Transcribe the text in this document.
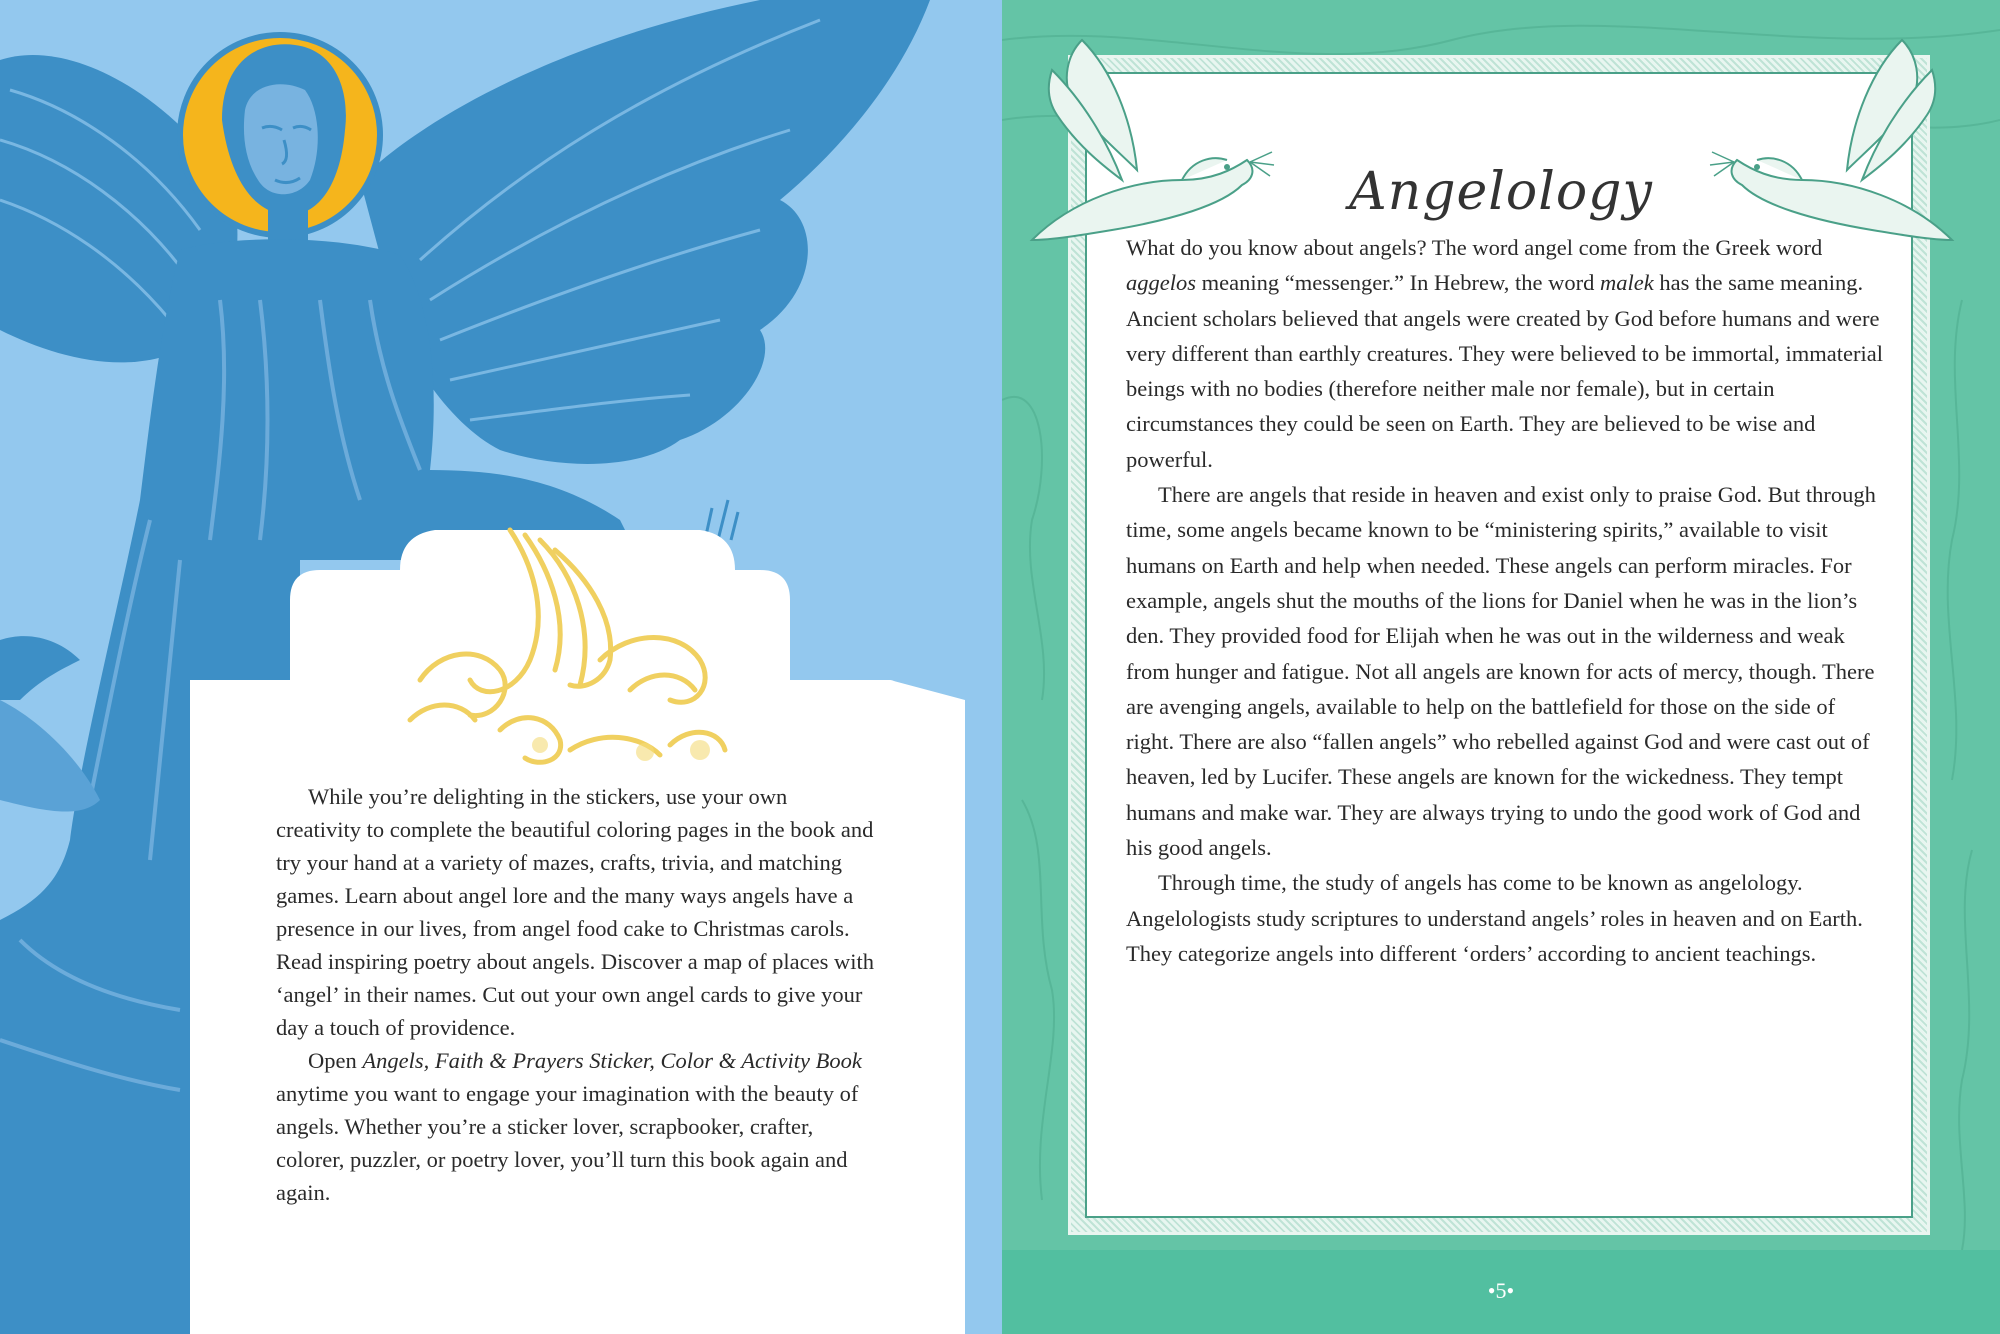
While you’re delighting in the stickers, use your own creativity to complete the beautiful coloring pages in the book and try your hand at a variety of mazes, crafts, trivia, and matching games. Learn about angel lore and the many ways angels have a presence in our lives, from angel food cake to Christmas carols. Read inspiring poetry about angels. Discover a map of places with ‘angel’ in their names. Cut out your own angel cards to give your day a touch of providence.

Open Angels, Faith & Prayers Sticker, Color & Activity Book anytime you want to engage your imagination with the beauty of angels. Whether you’re a sticker lover, scrapbooker, crafter, colorer, puzzler, or poetry lover, you’ll turn this book again and again.

Angelology

What do you know about angels? The word angel come from the Greek word aggelos meaning “messenger.” In Hebrew, the word malek has the same meaning. Ancient scholars believed that angels were created by God before humans and were very different than earthly creatures. They were believed to be immortal, immaterial beings with no bodies (therefore neither male nor female), but in certain circumstances they could be seen on Earth. They are believed to be wise and powerful.

There are angels that reside in heaven and exist only to praise God. But through time, some angels became known to be “ministering spirits,” available to visit humans on Earth and help when needed. These angels can perform miracles. For example, angels shut the mouths of the lions for Daniel when he was in the lion’s den. They provided food for Elijah when he was out in the wilderness and weak from hunger and fatigue. Not all angels are known for acts of mercy, though. There are avenging angels, available to help on the battlefield for those on the side of right. There are also “fallen angels” who rebelled against God and were cast out of heaven, led by Lucifer. These angels are known for the wickedness. They tempt humans and make war. They are always trying to undo the good work of God and his good angels.

Through time, the study of angels has come to be known as angelology. Angelologists study scriptures to understand angels’ roles in heaven and on Earth. They categorize angels into different ‘orders’ according to ancient teachings.

•5•
